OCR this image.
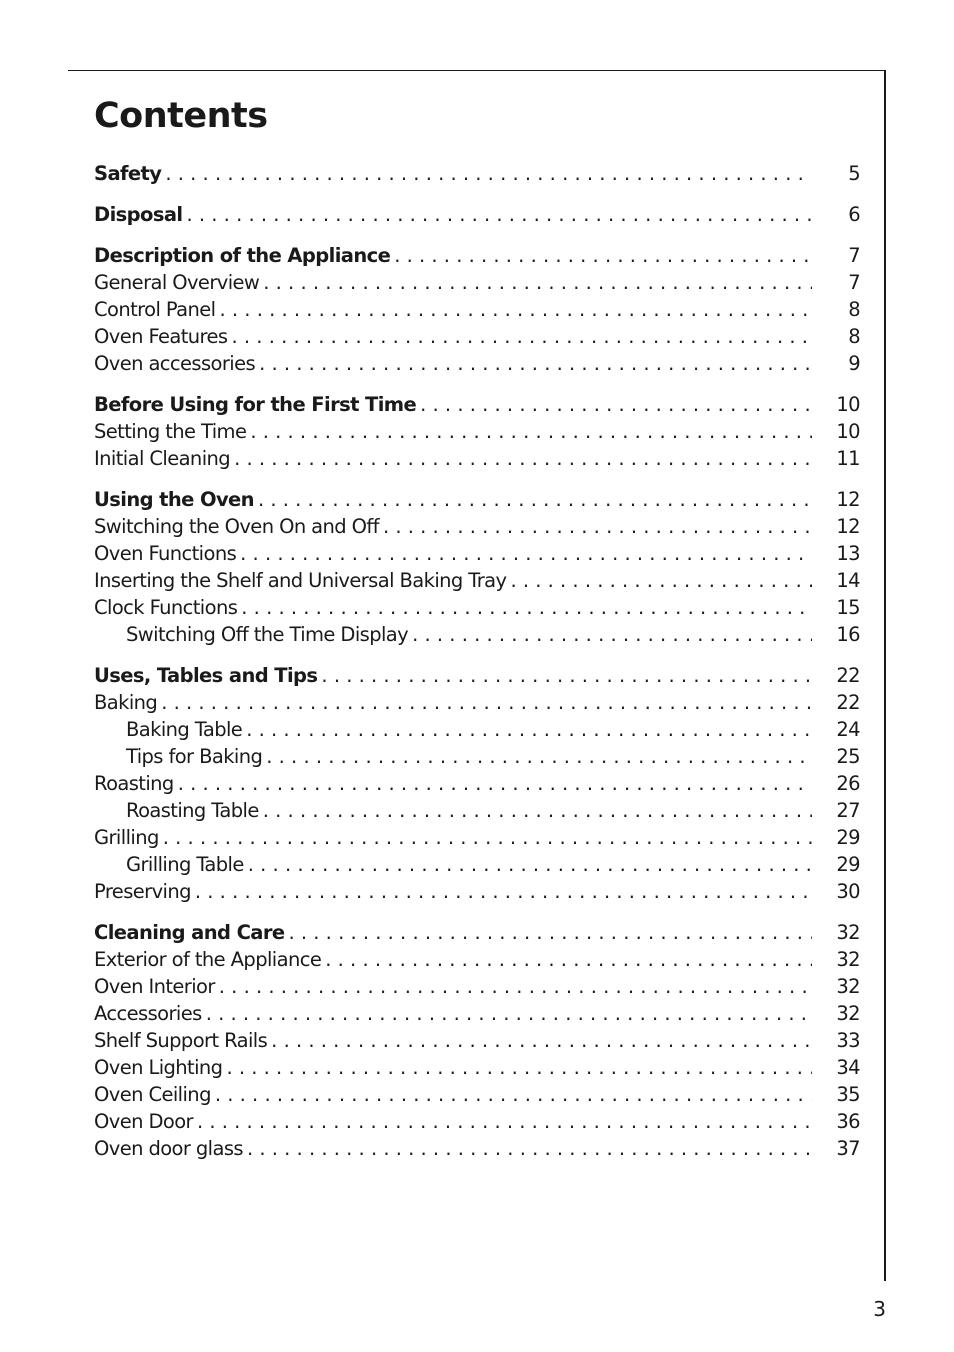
Contents
Safety . . .	5
Disposal . . .	6
Description of the Appliance . . .	7
General Overview . . .	7
Control Panel . . .	8
Oven Features . . .	8
Oven accessories . . .	9
Before Using for the First Time . . .	10
Setting the Time . . .	10
Initial Cleaning . . .	11
Using the Oven . . .	12
Switching the Oven On and Off . . .	12
Oven Functions . . .	13
Inserting the Shelf and Universal Baking Tray . . .	14
Clock Functions . . .	15
Switching Off the Time Display . . .	16
Uses, Tables and Tips . . .	22
Baking . . .	22
Baking Table . . .	24
Tips for Baking . . .	25
Roasting . . .	26
Roasting Table . . .	27
Grilling . . .	29
Grilling Table . . .	29
Preserving . . .	30
Cleaning and Care . . .	32
Exterior of the Appliance . . .	32
Oven Interior . . .	32
Accessories . . .	32
Shelf Support Rails . . .	33
Oven Lighting . . .	34
Oven Ceiling . . .	35
Oven Door . . .	36
Oven door glass . . .	37
3
